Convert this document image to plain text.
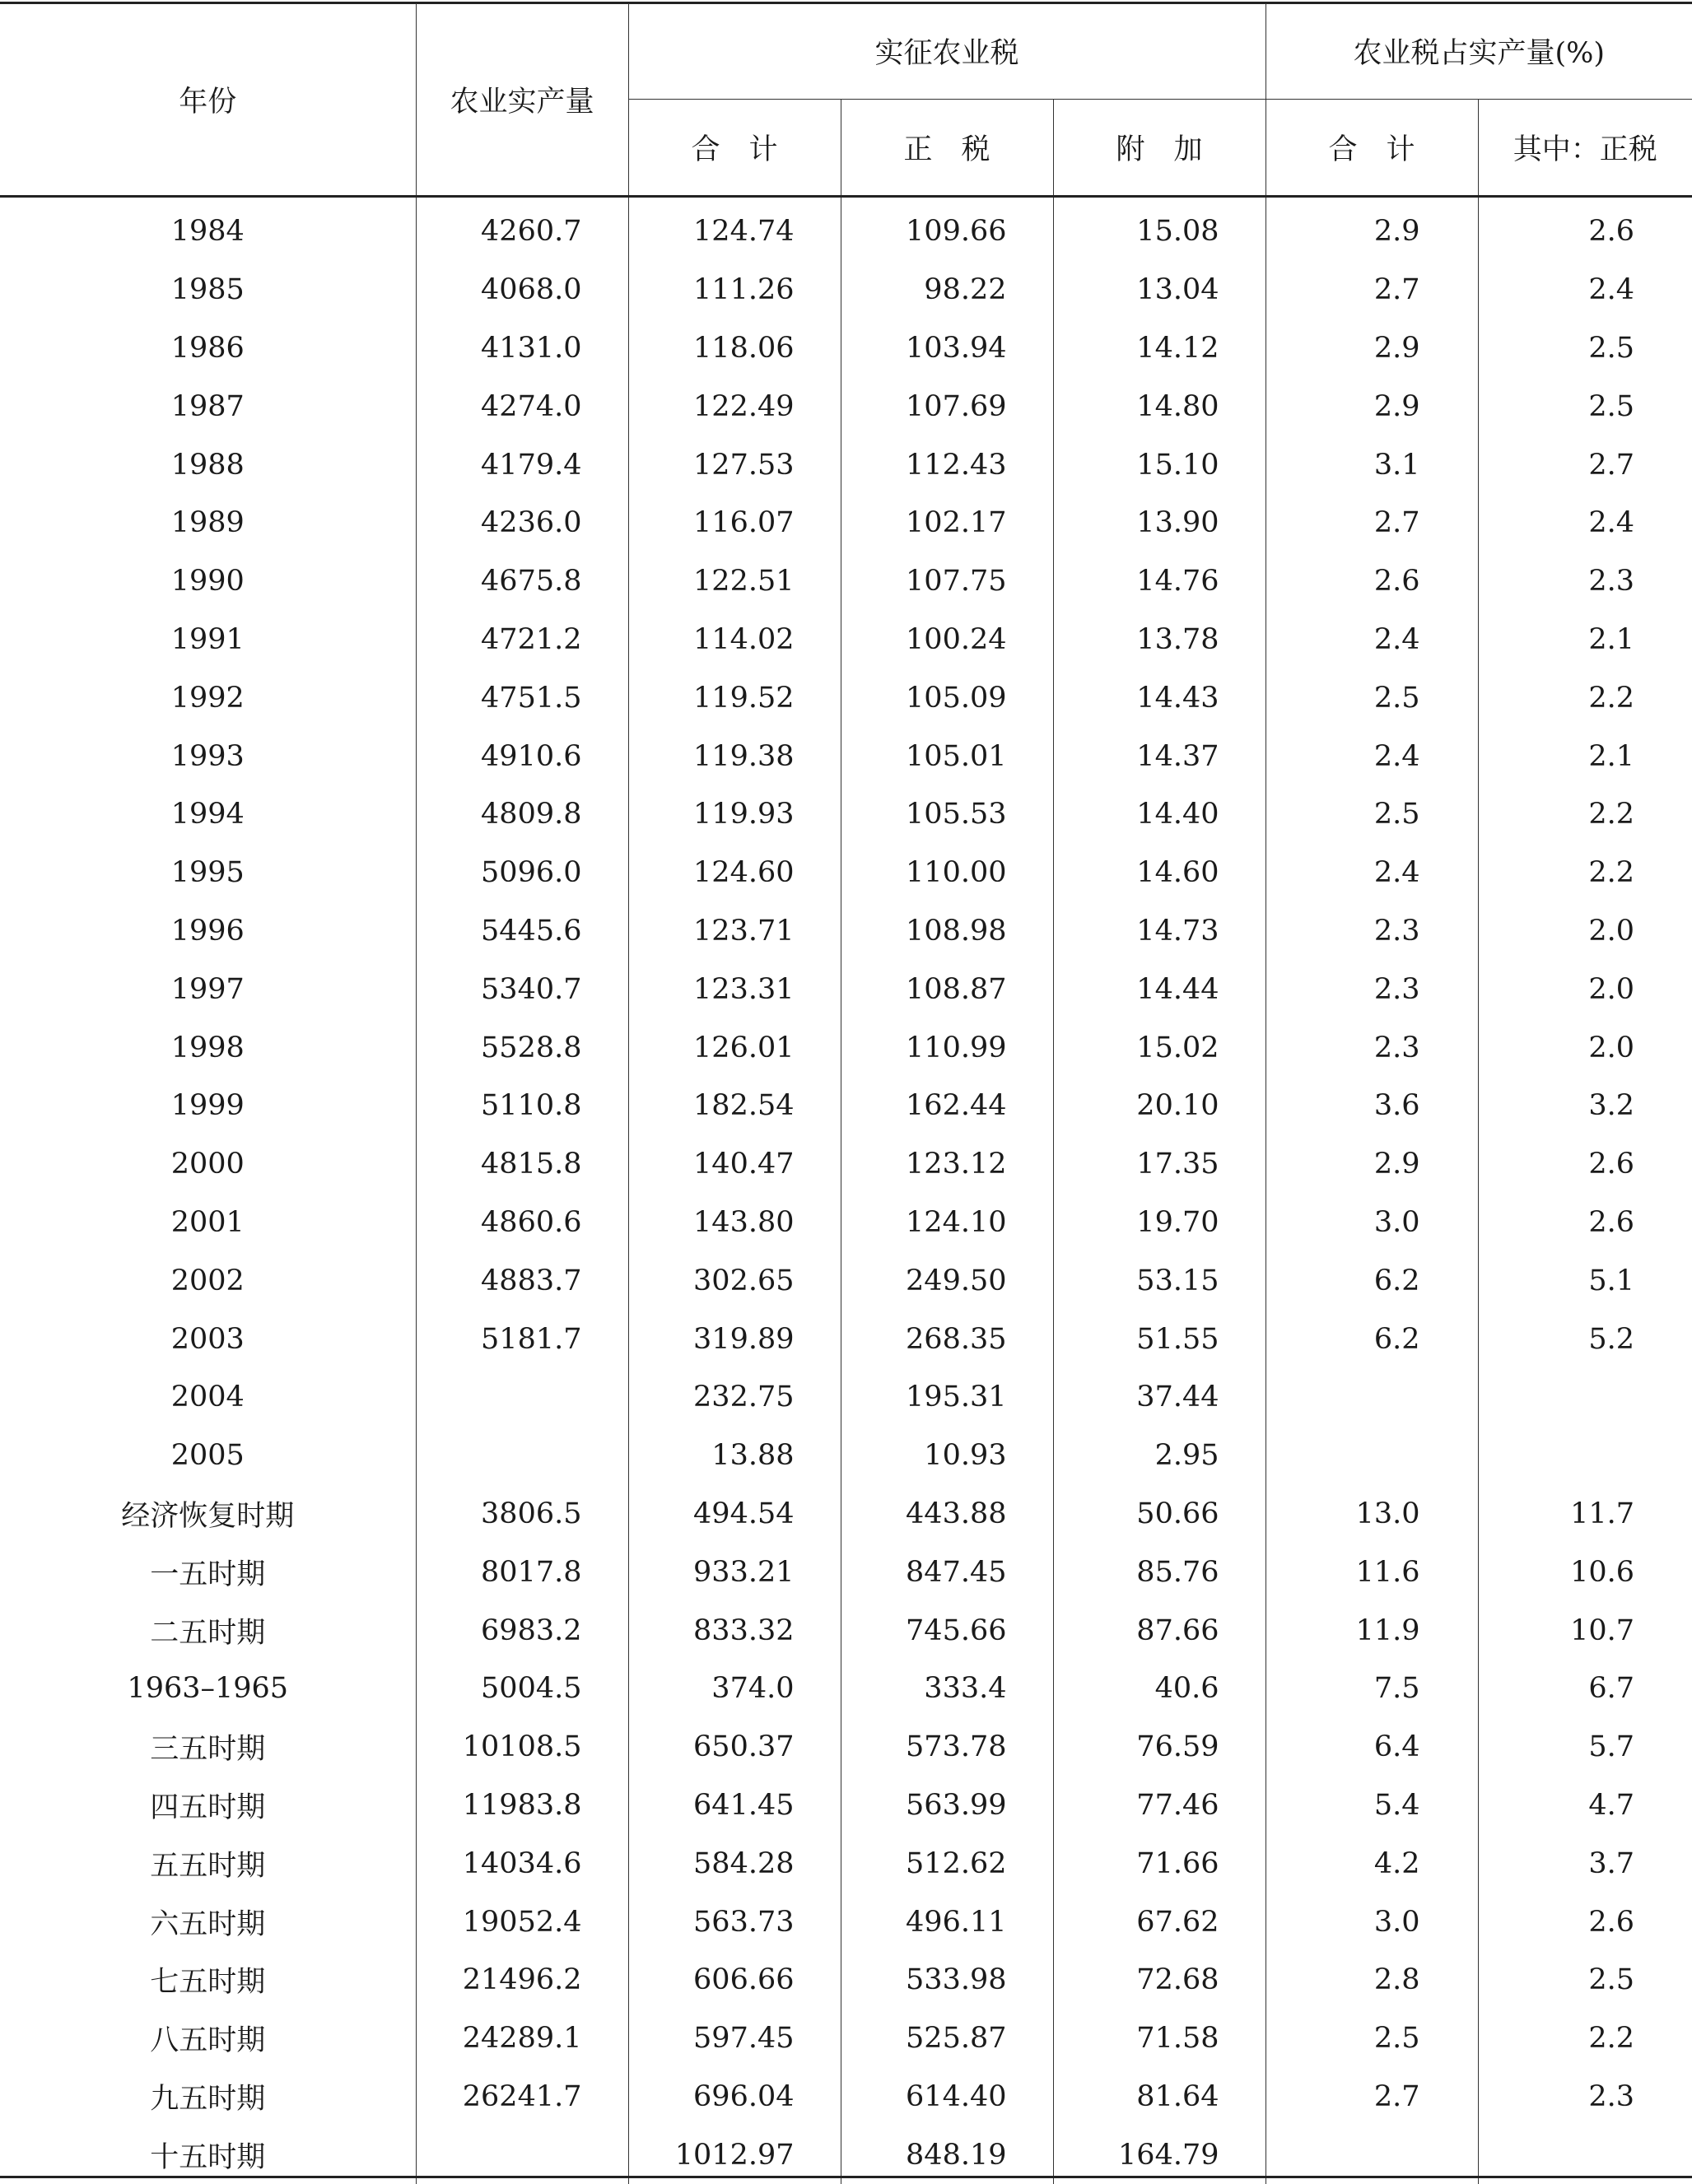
年份	农业实产量	实征农业税			农业税占实产量(%)	
		合　计	正　税	附　加	合　计	其中：正税
1984	4260.7	124.74	109.66	15.08	2.9	2.6
1985	4068.0	111.26	98.22	13.04	2.7	2.4
1986	4131.0	118.06	103.94	14.12	2.9	2.5
1987	4274.0	122.49	107.69	14.80	2.9	2.5
1988	4179.4	127.53	112.43	15.10	3.1	2.7
1989	4236.0	116.07	102.17	13.90	2.7	2.4
1990	4675.8	122.51	107.75	14.76	2.6	2.3
1991	4721.2	114.02	100.24	13.78	2.4	2.1
1992	4751.5	119.52	105.09	14.43	2.5	2.2
1993	4910.6	119.38	105.01	14.37	2.4	2.1
1994	4809.8	119.93	105.53	14.40	2.5	2.2
1995	5096.0	124.60	110.00	14.60	2.4	2.2
1996	5445.6	123.71	108.98	14.73	2.3	2.0
1997	5340.7	123.31	108.87	14.44	2.3	2.0
1998	5528.8	126.01	110.99	15.02	2.3	2.0
1999	5110.8	182.54	162.44	20.10	3.6	3.2
2000	4815.8	140.47	123.12	17.35	2.9	2.6
2001	4860.6	143.80	124.10	19.70	3.0	2.6
2002	4883.7	302.65	249.50	53.15	6.2	5.1
2003	5181.7	319.89	268.35	51.55	6.2	5.2
2004		232.75	195.31	37.44		
2005		13.88	10.93	2.95		
经济恢复时期	3806.5	494.54	443.88	50.66	13.0	11.7
一五时期	8017.8	933.21	847.45	85.76	11.6	10.6
二五时期	6983.2	833.32	745.66	87.66	11.9	10.7
1963–1965	5004.5	374.0	333.4	40.6	7.5	6.7
三五时期	10108.5	650.37	573.78	76.59	6.4	5.7
四五时期	11983.8	641.45	563.99	77.46	5.4	4.7
五五时期	14034.6	584.28	512.62	71.66	4.2	3.7
六五时期	19052.4	563.73	496.11	67.62	3.0	2.6
七五时期	21496.2	606.66	533.98	72.68	2.8	2.5
八五时期	24289.1	597.45	525.87	71.58	2.5	2.2
九五时期	26241.7	696.04	614.40	81.64	2.7	2.3
十五时期		1012.97	848.19	164.79		
